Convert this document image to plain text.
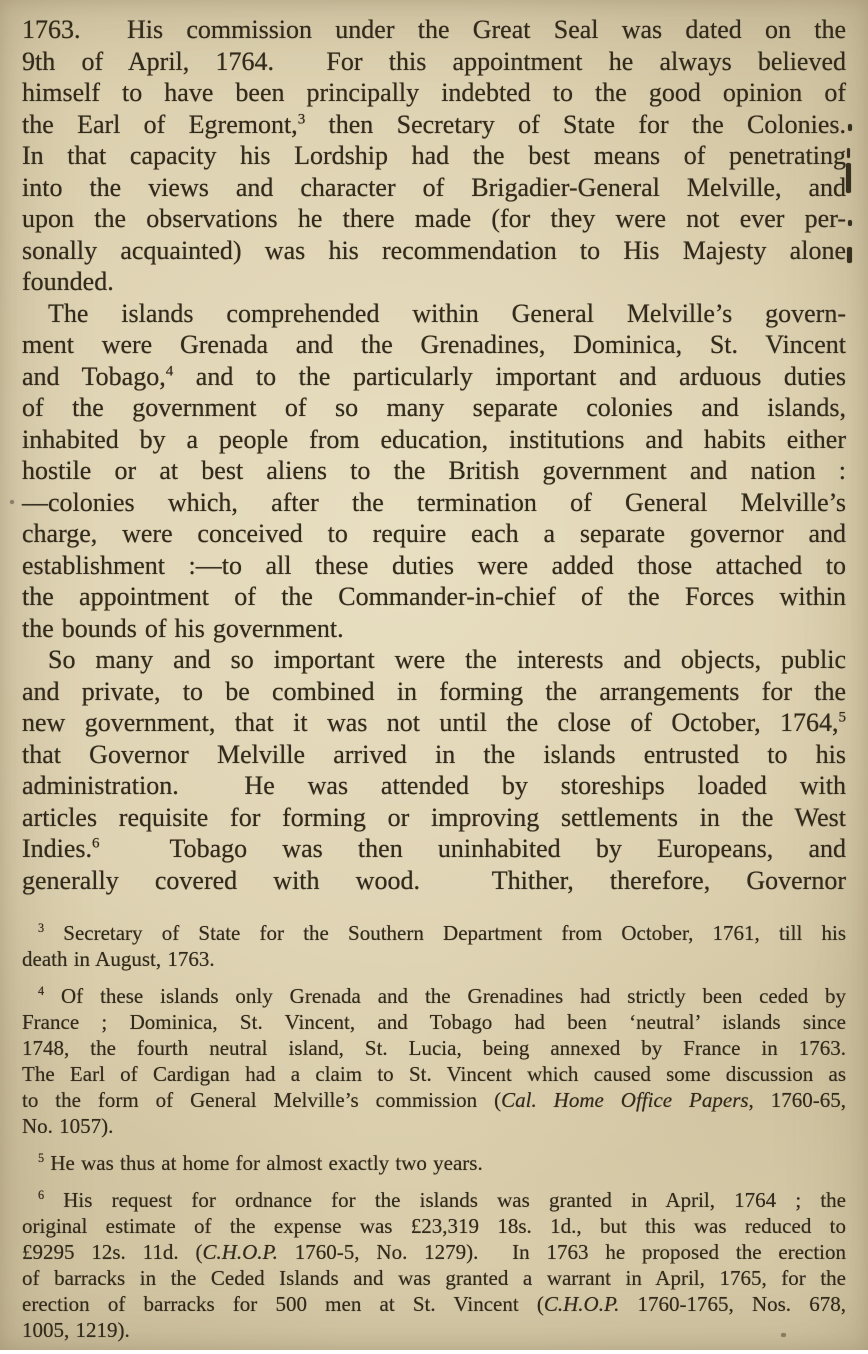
1763.  His commission under the Great Seal was dated on the
9th of April, 1764.  For this appointment he always believed
himself to have been principally indebted to the good opinion of
the Earl of Egremont,$^3$ then Secretary of State for the Colonies.
In that capacity his Lordship had the best means of penetrating
into the views and character of Brigadier-General Melville, and
upon the observations he there made (for they were not ever per-
sonally acquainted) was his recommendation to His Majesty alone
founded.
The islands comprehended within General Melville’s govern-
ment were Grenada and the Grenadines, Dominica, St. Vincent
and Tobago,$^4$ and to the particularly important and arduous duties
of the government of so many separate colonies and islands,
inhabited by a people from education, institutions and habits either
hostile or at best aliens to the British government and nation :
—colonies which, after the termination of General Melville’s
charge, were conceived to require each a separate governor and
establishment :—to all these duties were added those attached to
the appointment of the Commander-in-chief of the Forces within
the bounds of his government.
So many and so important were the interests and objects, public
and private, to be combined in forming the arrangements for the
new government, that it was not until the close of October, 1764,$^5$
that Governor Melville arrived in the islands entrusted to his
administration.  He was attended by storeships loaded with
articles requisite for forming or improving settlements in the West
Indies.$^6$  Tobago was then uninhabited by Europeans, and
generally covered with wood.  Thither, therefore, Governor
$^3$ Secretary of State for the Southern Department from October, 1761, till his
death in August, 1763.
$^4$ Of these islands only Grenada and the Grenadines had strictly been ceded by
France ; Dominica, St. Vincent, and Tobago had been ‘neutral’ islands since
1748, the fourth neutral island, St. Lucia, being annexed by France in 1763.
The Earl of Cardigan had a claim to St. Vincent which caused some discussion as
to the form of General Melville’s commission (Cal. Home Office Papers, 1760-65,
No. 1057).
$^5$ He was thus at home for almost exactly two years.
$^6$ His request for ordnance for the islands was granted in April, 1764 ; the
original estimate of the expense was £23,319 18s. 1d., but this was reduced to
£9295 12s. 11d. (C.H.O.P. 1760-5, No. 1279).  In 1763 he proposed the erection
of barracks in the Ceded Islands and was granted a warrant in April, 1765, for the
erection of barracks for 500 men at St. Vincent (C.H.O.P. 1760-1765, Nos. 678,
1005, 1219).
